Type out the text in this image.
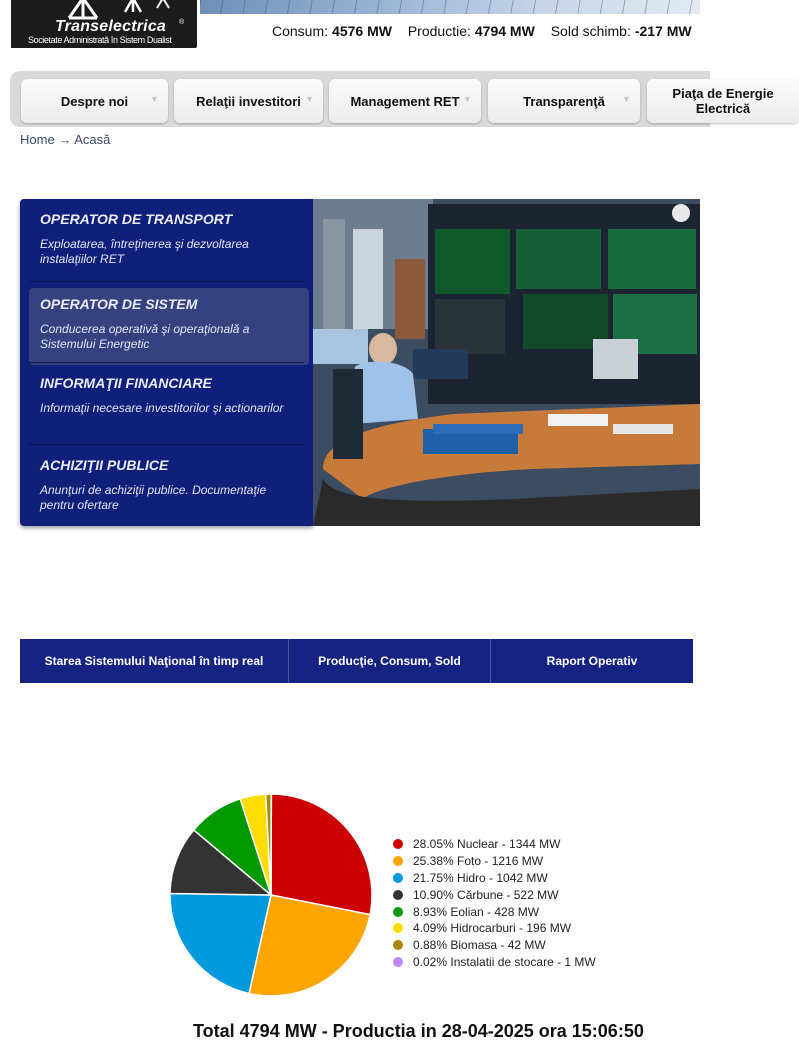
Transelectrica ®
Societate Administrată în Sistem Dualist
Consum: 4576 MW Productie: 4794 MW Sold schimb: -217 MW
Despre noi ▼	Relaţii investitori ▼	Management RET ▼	Transparenţă ▼	Piaţa de Energie Electrică
Home → Acasă
OPERATOR DE TRANSPORT
Exploatarea, întreţinerea şi dezvoltarea instalaţiilor RET
OPERATOR DE SISTEM
Conducerea operativă şi operaţională a Sistemului Energetic
INFORMAŢII FINANCIARE
Informaţii necesare investitorilor şi actionarilor
ACHIZIŢII PUBLICE
Anunţuri de achiziţii publice. Documentaţie pentru ofertare
Starea Sistemului Naţional în timp real	Producţie, Consum, Sold	Raport Operativ
28.05% Nuclear - 1344 MW
25.38% Foto - 1216 MW
21.75% Hidro - 1042 MW
10.90% Cărbune - 522 MW
8.93% Eolian - 428 MW
4.09% Hidrocarburi - 196 MW
0.88% Biomasa - 42 MW
0.02% Instalatii de stocare - 1 MW
Total 4794 MW - Productia in 28-04-2025 ora 15:06:50
